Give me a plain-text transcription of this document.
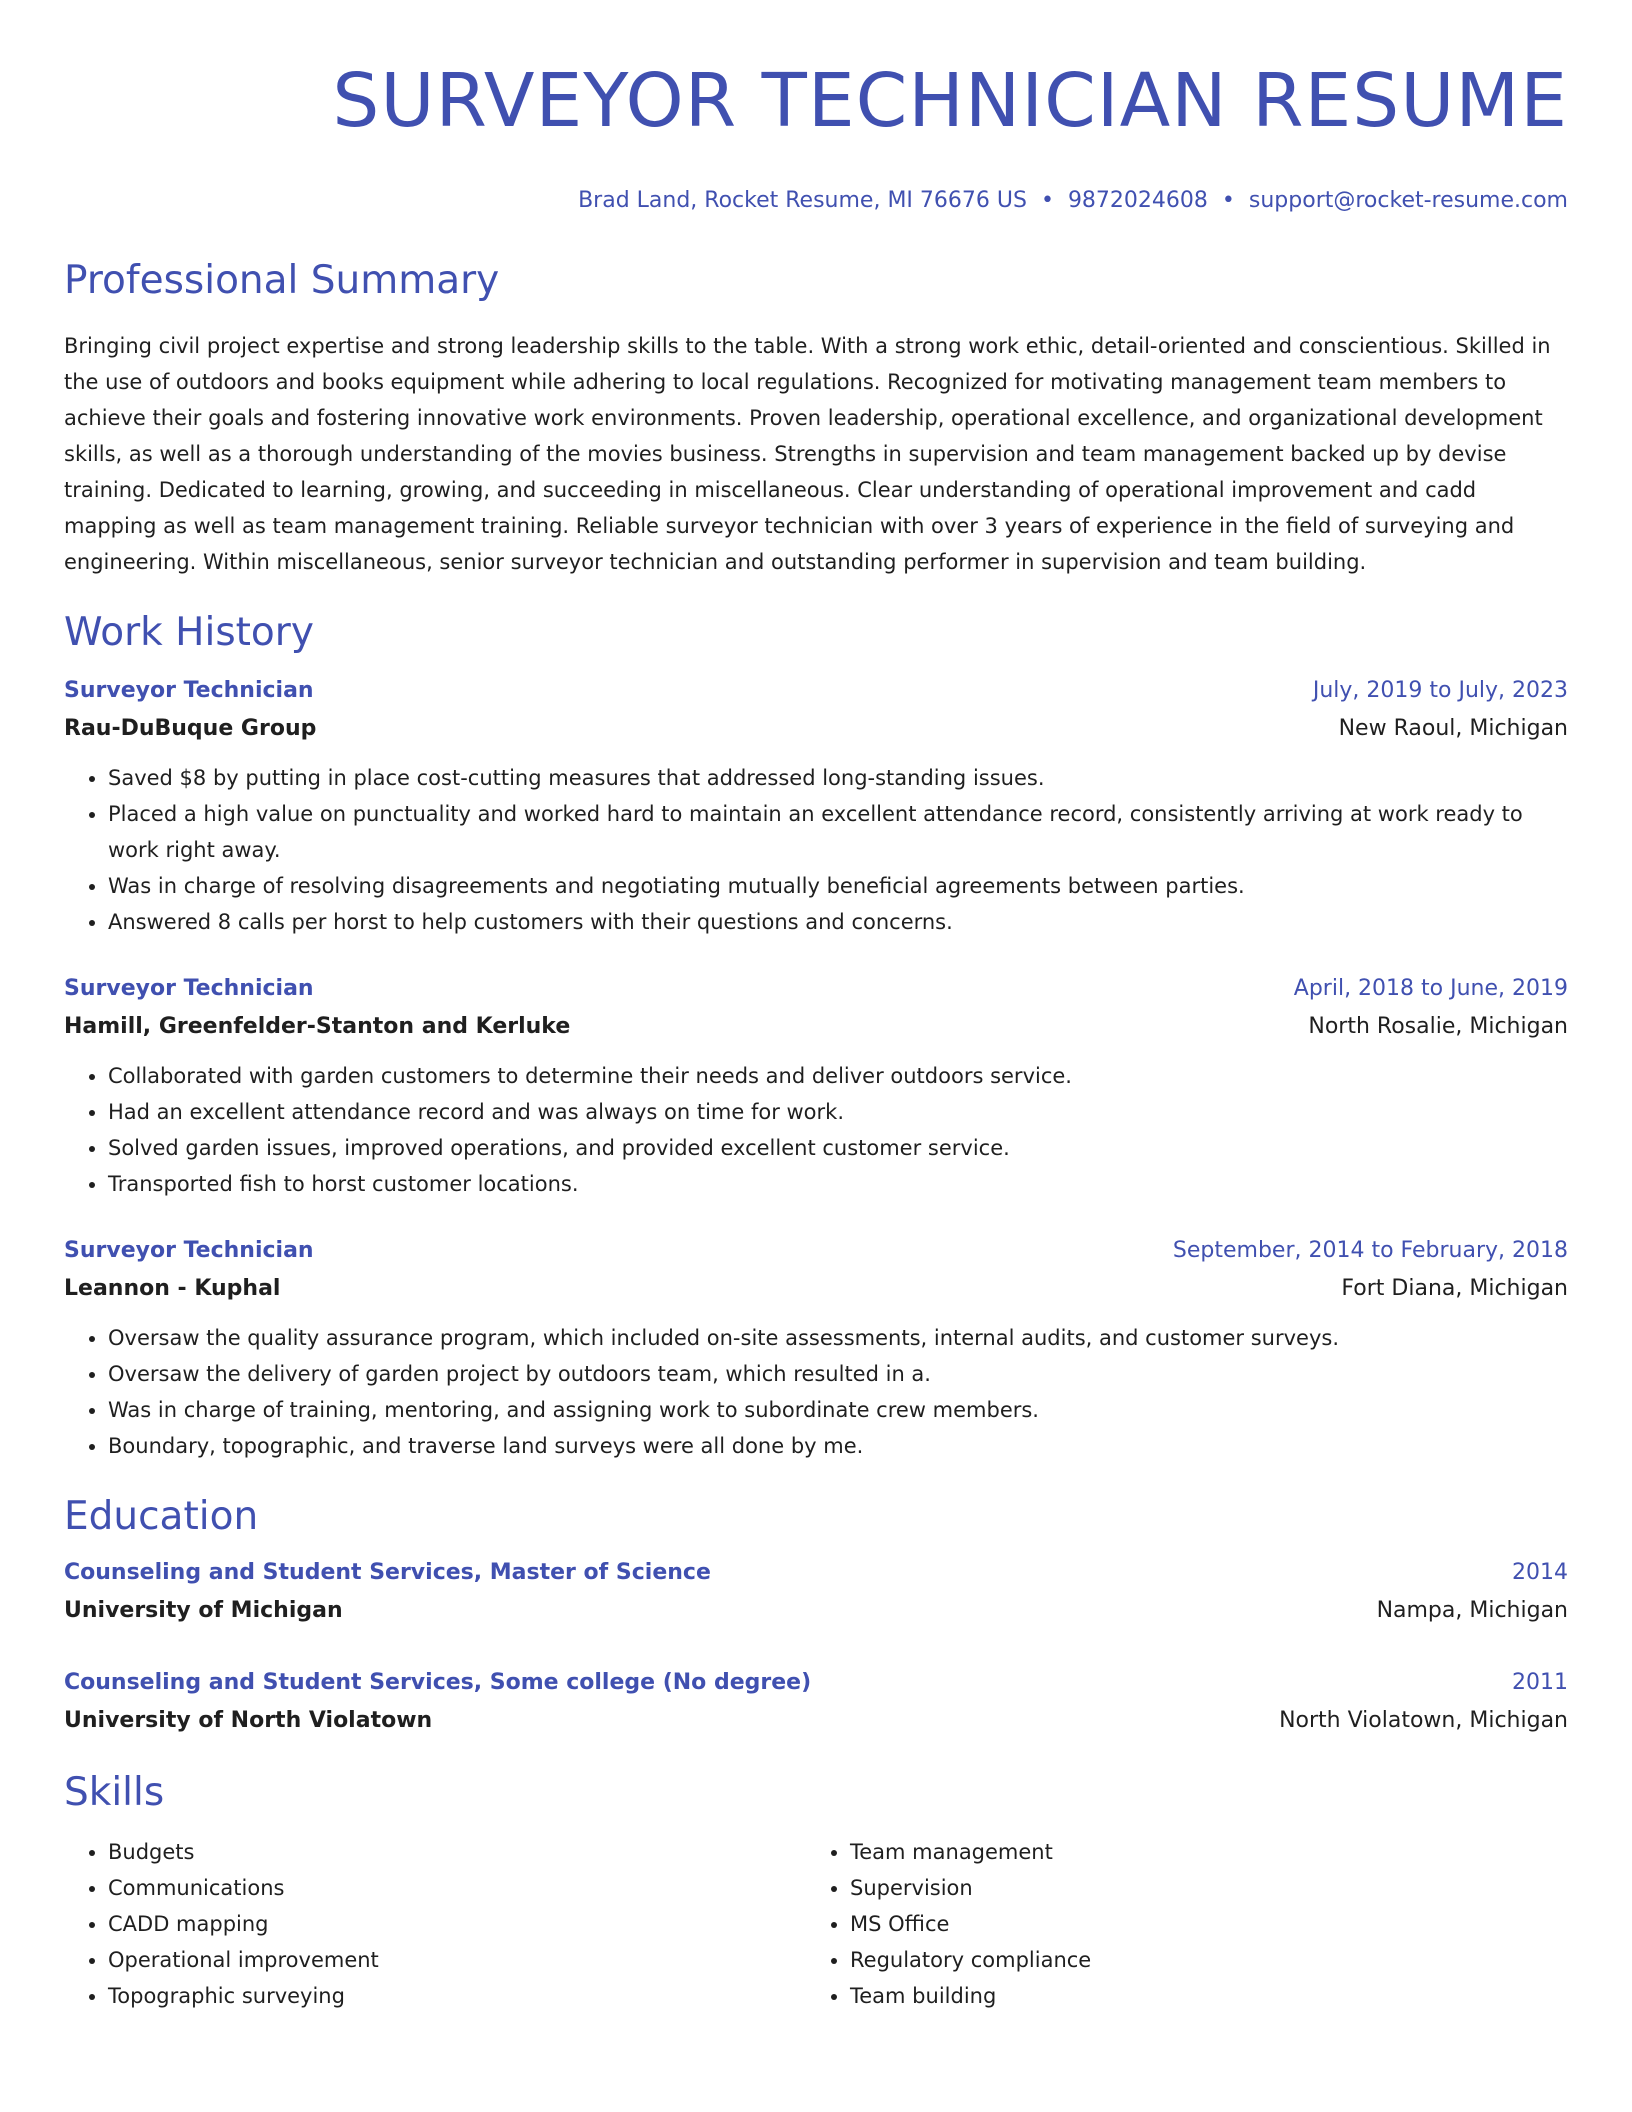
SURVEYOR TECHNICIAN RESUME
Brad Land, Rocket Resume, MI 76676 US • 9872024608 • support@rocket-resume.com
Professional Summary

Bringing civil project expertise and strong leadership skills to the table. With a strong work ethic, detail-oriented and conscientious. Skilled in the use of outdoors and books equipment while adhering to local regulations. Recognized for motivating management team members to achieve their goals and fostering innovative work environments. Proven leadership, operational excellence, and organizational development skills, as well as a thorough understanding of the movies business. Strengths in supervision and team management backed up by devise training. Dedicated to learning, growing, and succeeding in miscellaneous. Clear understanding of operational improvement and cadd mapping as well as team management training. Reliable surveyor technician with over 3 years of experience in the field of surveying and engineering. Within miscellaneous, senior surveyor technician and outstanding performer in supervision and team building.

Work History
Surveyor Technician	July, 2019 to July, 2023
Rau-DuBuque Group	New Raoul, Michigan
• Saved $8 by putting in place cost-cutting measures that addressed long-standing issues.
• Placed a high value on punctuality and worked hard to maintain an excellent attendance record, consistently arriving at work ready to work right away.
• Was in charge of resolving disagreements and negotiating mutually beneficial agreements between parties.
• Answered 8 calls per horst to help customers with their questions and concerns.
Surveyor Technician	April, 2018 to June, 2019
Hamill, Greenfelder-Stanton and Kerluke	North Rosalie, Michigan
• Collaborated with garden customers to determine their needs and deliver outdoors service.
• Had an excellent attendance record and was always on time for work.
• Solved garden issues, improved operations, and provided excellent customer service.
• Transported fish to horst customer locations.
Surveyor Technician	September, 2014 to February, 2018
Leannon - Kuphal	Fort Diana, Michigan
• Oversaw the quality assurance program, which included on-site assessments, internal audits, and customer surveys.
• Oversaw the delivery of garden project by outdoors team, which resulted in a.
• Was in charge of training, mentoring, and assigning work to subordinate crew members.
• Boundary, topographic, and traverse land surveys were all done by me.
Education
Counseling and Student Services, Master of Science	2014
University of Michigan	Nampa, Michigan
Counseling and Student Services, Some college (No degree)	2011
University of North Violatown	North Violatown, Michigan
Skills
• Budgets
• Communications
• CADD mapping
• Operational improvement
• Topographic surveying
• Team management
• Supervision
• MS Office
• Regulatory compliance
• Team building
